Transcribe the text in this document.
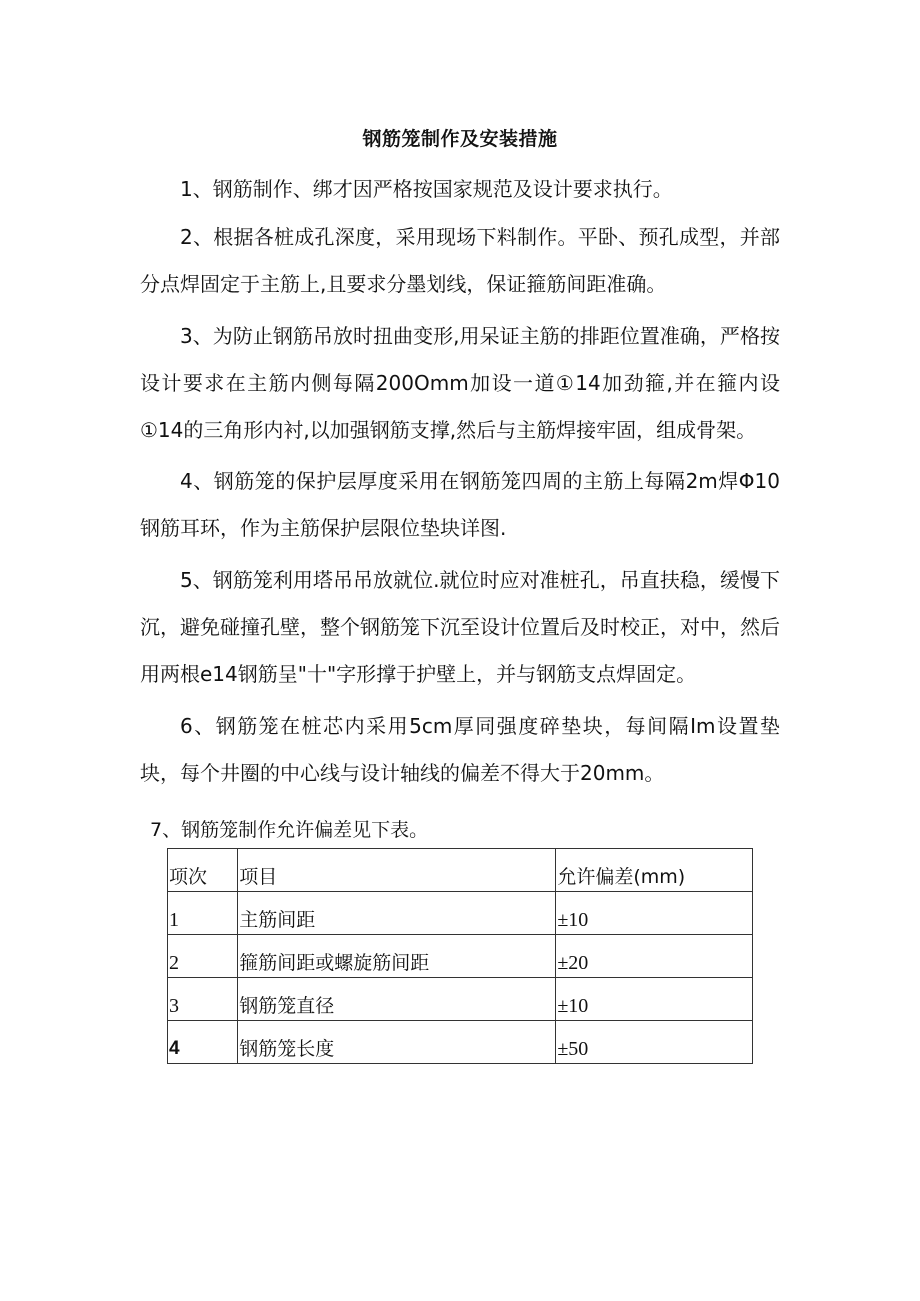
钢筋笼制作及安装措施
1、钢筋制作、绑才因严格按国家规范及设计要求执行。
2、根据各桩成孔深度，采用现场下料制作。平卧、预孔成型，并部分点焊固定于主筋上,且要求分墨划线，保证箍筋间距准确。
3、为防止钢筋吊放时扭曲变形,用呆证主筋的排距位置准确，严格按设计要求在主筋内侧每隔200Omm加设一道①14加劲箍,并在箍内设①14的三角形内衬,以加强钢筋支撑,然后与主筋焊接牢固，组成骨架。
4、钢筋笼的保护层厚度采用在钢筋笼四周的主筋上每隔2m焊Φ10钢筋耳环，作为主筋保护层限位垫块详图.
5、钢筋笼利用塔吊吊放就位.就位时应对准桩孔，吊直扶稳，缓慢下沉，避免碰撞孔壁，整个钢筋笼下沉至设计位置后及时校正，对中，然后用两根e14钢筋呈"十"字形撑于护壁上，并与钢筋支点焊固定。
6、钢筋笼在桩芯内采用5cm厚同强度碎垫块，每间隔Im设置垫块，每个井圈的中心线与设计轴线的偏差不得大于20mm。
7、钢筋笼制作允许偏差见下表。
项次	项目	允许偏差(mm)
1	主筋间距	±10
2	箍筋间距或螺旋筋间距	±20
3	钢筋笼直径	±10
4	钢筋笼长度	±50
